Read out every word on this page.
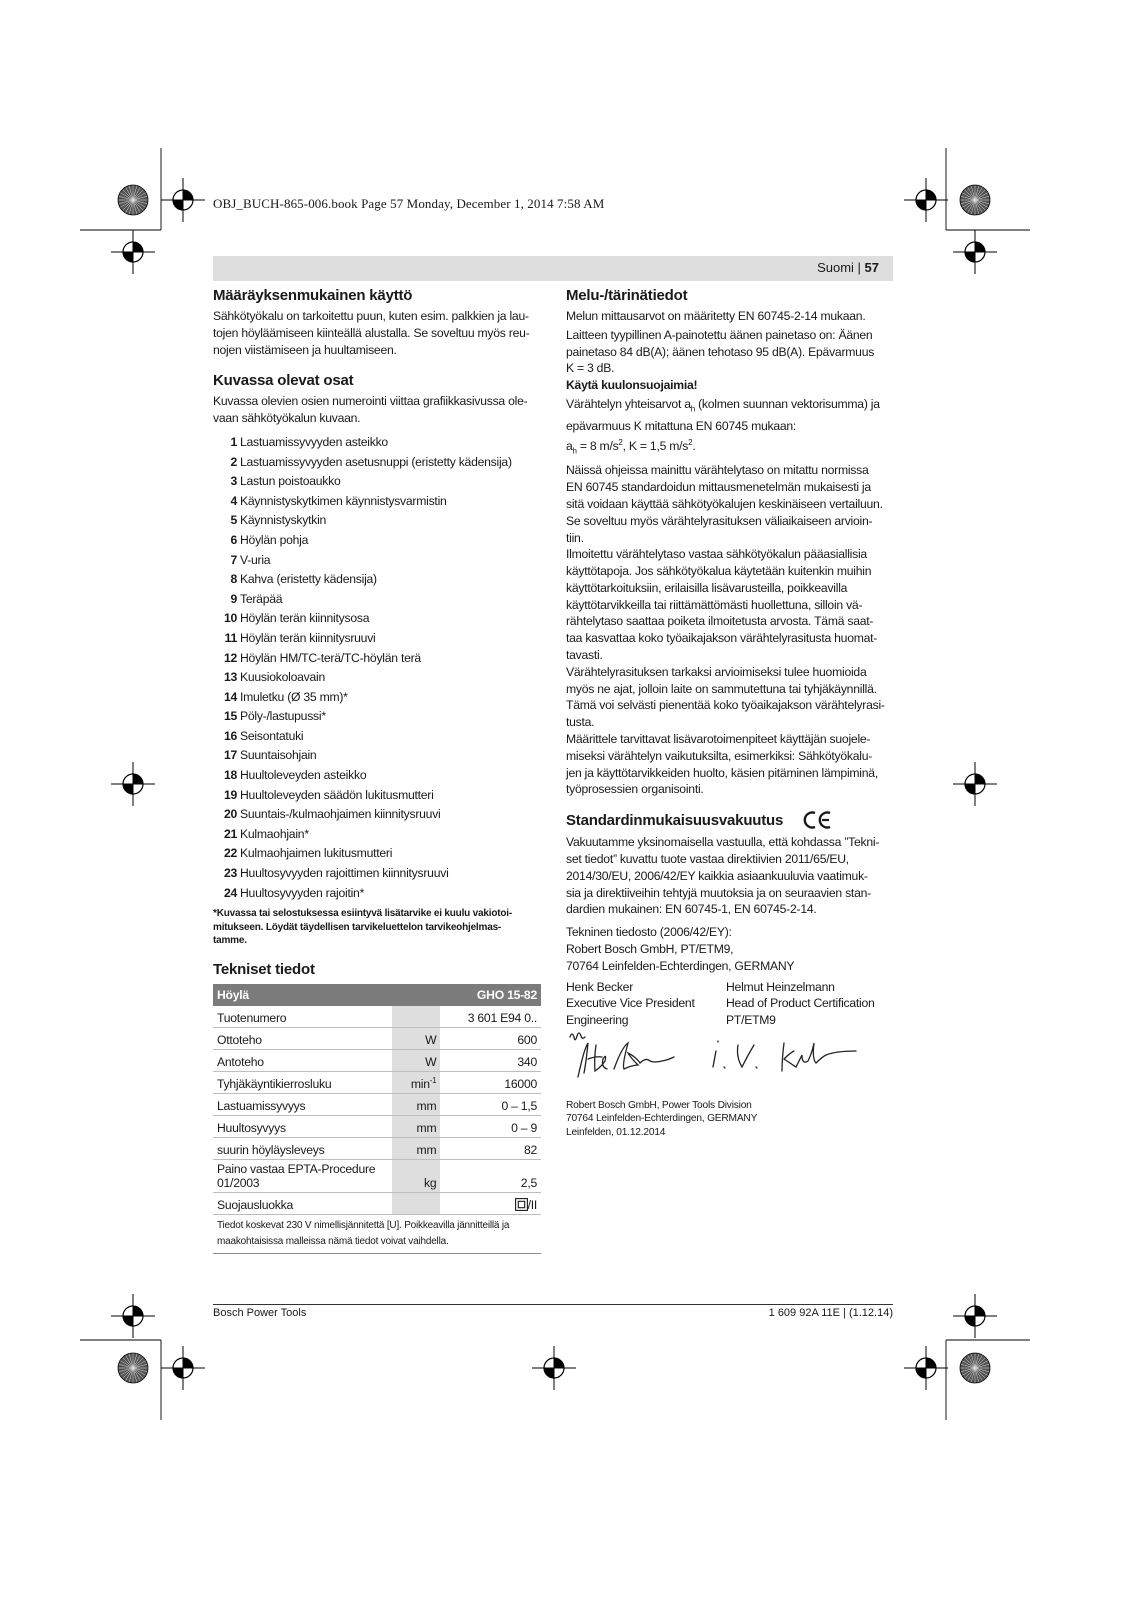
OBJ_BUCH-865-006.book Page 57 Monday, December 1, 2014 7:58 AM
Suomi | 57
Määräyksenmukainen käyttö

Sähkötyökalu on tarkoitettu puun, kuten esim. palkkien ja lau-
tojen höyläämiseen kiinteällä alustalla. Se soveltuu myös reu-
nojen viistämiseen ja huultamiseen.

Kuvassa olevat osat

Kuvassa olevien osien numerointi viittaa grafiikkasivussa ole-
vaan sähkötyökalun kuvaan.

1 Lastuamissyvyyden asteikko
2 Lastuamissyvyyden asetusnuppi (eristetty kädensija)
3 Lastun poistoaukko
4 Käynnistyskytkimen käynnistysvarmistin
5 Käynnistyskytkin
6 Höylän pohja
7 V-uria
8 Kahva (eristetty kädensija)
9 Teräpää
10 Höylän terän kiinnitysosa
11 Höylän terän kiinnitysruuvi
12 Höylän HM/TC-terä/TC-höylän terä
13 Kuusiokoloavain
14 Imuletku (Ø 35 mm)*
15 Pöly-/lastupussi*
16 Seisontatuki
17 Suuntaisohjain
18 Huultoleveyden asteikko
19 Huultoleveyden säädön lukitusmutteri
20 Suuntais-/kulmaohjaimen kiinnitysruuvi
21 Kulmaohjain*
22 Kulmaohjaimen lukitusmutteri
23 Huultosyvyyden rajoittimen kiinnitysruuvi
24 Huultosyvyyden rajoitin*
*Kuvassa tai selostuksessa esiintyvä lisätarvike ei kuulu vakiotoi-
mitukseen. Löydät täydellisen tarvikeluettelon tarvikeohjelmas-
tamme.
Tekniset tiedot
Höylä		GHO 15-82
Tuotenumero		3 601 E94 0..
Ottoteho	W	600
Antoteho	W	340
Tyhjäkäyntikierrosluku	$\min^{-1}$	16000
Lastuamissyvyys	mm	0 – 1,5
Huultosyvyys	mm	0 – 9
suurin höyläysleveys	mm	82
Paino vastaa EPTA-Procedure 01/2003	kg	2,5
Suojausluokka		/II
Tiedot koskevat 230 V nimellisjännitettä [U]. Poikkeavilla jännitteillä ja maakohtaisissa malleissa nämä tiedot voivat vaihdella.
Melu-/tärinätiedot

Melun mittausarvot on määritetty EN 60745-2-14 mukaan.

Laitteen tyypillinen A-painotettu äänen painetaso on: Äänen
painetaso 84 dB(A); äänen tehotaso 95 dB(A). Epävarmuus
K = 3 dB.

Käytä kuulonsuojaimia!

Värähtelyn yhteisarvot $a_h$ (kolmen suunnan vektorisumma) ja
epävarmuus K mitattuna EN 60745 mukaan:
$a_h = 8$ $m/s^2$, K = 1,5 $m/s^2$.

Näissä ohjeissa mainittu värähtelytaso on mitattu normissa
EN 60745 standardoidun mittausmenetelmän mukaisesti ja
sitä voidaan käyttää sähkötyökalujen keskinäiseen vertailuun.
Se soveltuu myös värähtelyrasituksen väliaikaiseen arvioin-
tiin.

Ilmoitettu värähtelytaso vastaa sähkötyökalun pääasiallisia
käyttötapoja. Jos sähkötyökalua käytetään kuitenkin muihin
käyttötarkoituksiin, erilaisilla lisävarusteilla, poikkeavilla
käyttötarvikkeilla tai riittämättömästi huollettuna, silloin vä-
rähtelytaso saattaa poiketa ilmoitetusta arvosta. Tämä saat-
taa kasvattaa koko työaikajakson värähtelyrasitusta huomat-
tavasti.

Värähtelyrasituksen tarkaksi arvioimiseksi tulee huomioida
myös ne ajat, jolloin laite on sammutettuna tai tyhjäkäynnillä.
Tämä voi selvästi pienentää koko työaikajakson värähtelyrasi-
tusta.

Määrittele tarvittavat lisävarotoimenpiteet käyttäjän suojele-
miseksi värähtelyn vaikutuksilta, esimerkiksi: Sähkötyökalu-
jen ja käyttötarvikkeiden huolto, käsien pitäminen lämpiminä,
työprosessien organisointi.

Standardinmukaisuusvakuutus

Vakuutamme yksinomaisella vastuulla, että kohdassa ”Tekni-
set tiedot” kuvattu tuote vastaa direktiivien 2011/65/EU,
2014/30/EU, 2006/42/EY kaikkia asiaankuuluvia vaatimuk-
sia ja direktiiveihin tehtyjä muutoksia ja on seuraavien stan-
dardien mukainen: EN 60745-1, EN 60745-2-14.

Tekninen tiedosto (2006/42/EY):
Robert Bosch GmbH, PT/ETM9,
70764 Leinfelden-Echterdingen, GERMANY

Henk Becker
Executive Vice President
Engineering
Helmut Heinzelmann
Head of Product Certification
PT/ETM9
Robert Bosch GmbH, Power Tools Division
70764 Leinfelden-Echterdingen, GERMANY
Leinfelden, 01.12.2014
Bosch Power Tools	1 609 92A 11E | (1.12.14)
